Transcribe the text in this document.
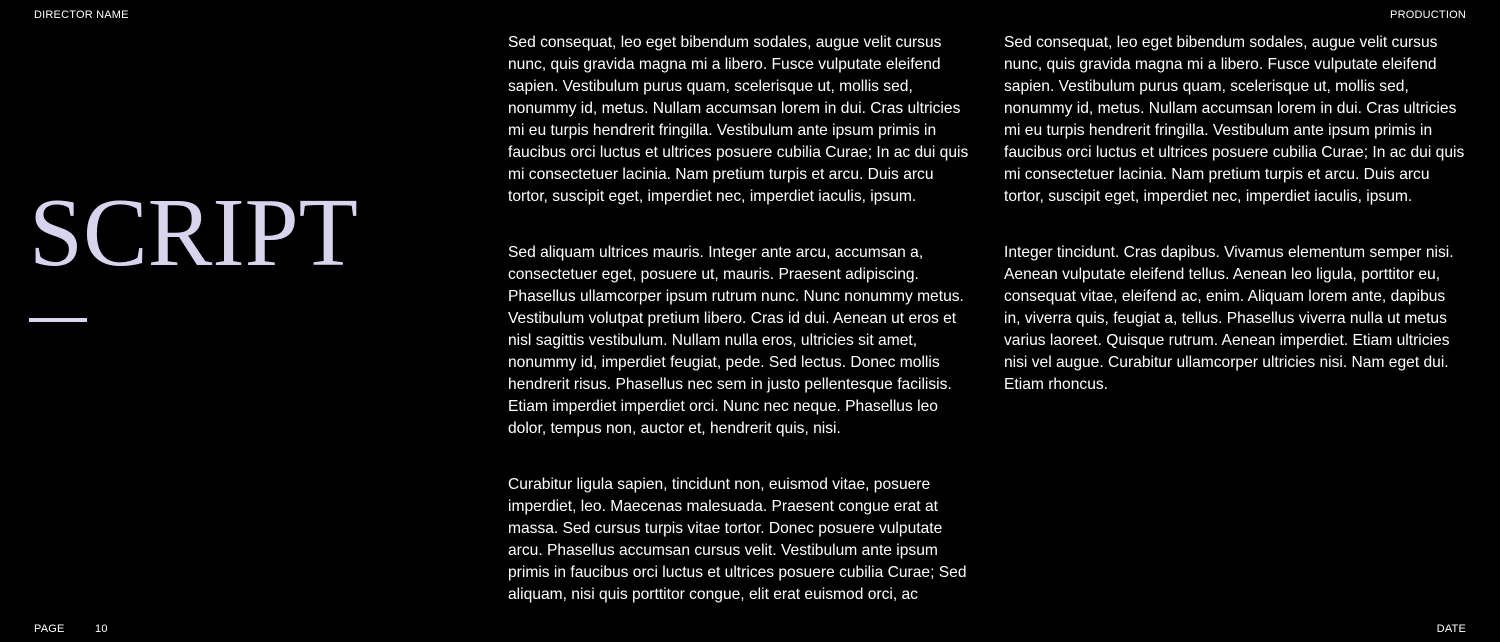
DIRECTOR NAME	PRODUCTION
SCRIPT

Sed consequat, leo eget bibendum sodales, augue velit cursus nunc, quis gravida magna mi a libero. Fusce vulputate eleifend sapien. Vestibulum purus quam, scelerisque ut, mollis sed, nonummy id, metus. Nullam accumsan lorem in dui. Cras ultricies mi eu turpis hendrerit fringilla. Vestibulum ante ipsum primis in faucibus orci luctus et ultrices posuere cubilia Curae; In ac dui quis mi consectetuer lacinia. Nam pretium turpis et arcu. Duis arcu tortor, suscipit eget, imperdiet nec, imperdiet iaculis, ipsum.

Sed aliquam ultrices mauris. Integer ante arcu, accumsan a, consectetuer eget, posuere ut, mauris. Praesent adipiscing. Phasellus ullamcorper ipsum rutrum nunc. Nunc nonummy metus. Vestibulum volutpat pretium libero. Cras id dui. Aenean ut eros et nisl sagittis vestibulum. Nullam nulla eros, ultricies sit amet, nonummy id, imperdiet feugiat, pede. Sed lectus. Donec mollis hendrerit risus. Phasellus nec sem in justo pellentesque facilisis. Etiam imperdiet imperdiet orci. Nunc nec neque. Phasellus leo dolor, tempus non, auctor et, hendrerit quis, nisi.

Curabitur ligula sapien, tincidunt non, euismod vitae, posuere imperdiet, leo. Maecenas malesuada. Praesent congue erat at massa. Sed cursus turpis vitae tortor. Donec posuere vulputate arcu. Phasellus accumsan cursus velit. Vestibulum ante ipsum primis in faucibus orci luctus et ultrices posuere cubilia Curae; Sed aliquam, nisi quis porttitor congue, elit erat euismod orci, ac

Sed consequat, leo eget bibendum sodales, augue velit cursus nunc, quis gravida magna mi a libero. Fusce vulputate eleifend sapien. Vestibulum purus quam, scelerisque ut, mollis sed, nonummy id, metus. Nullam accumsan lorem in dui. Cras ultricies mi eu turpis hendrerit fringilla. Vestibulum ante ipsum primis in faucibus orci luctus et ultrices posuere cubilia Curae; In ac dui quis mi consectetuer lacinia. Nam pretium turpis et arcu. Duis arcu tortor, suscipit eget, imperdiet nec, imperdiet iaculis, ipsum.

Integer tincidunt. Cras dapibus. Vivamus elementum semper nisi. Aenean vulputate eleifend tellus. Aenean leo ligula, porttitor eu, consequat vitae, eleifend ac, enim. Aliquam lorem ante, dapibus in, viverra quis, feugiat a, tellus. Phasellus viverra nulla ut metus varius laoreet. Quisque rutrum. Aenean imperdiet. Etiam ultricies nisi vel augue. Curabitur ullamcorper ultricies nisi. Nam eget dui. Etiam rhoncus.

PAGE	10	DATE
